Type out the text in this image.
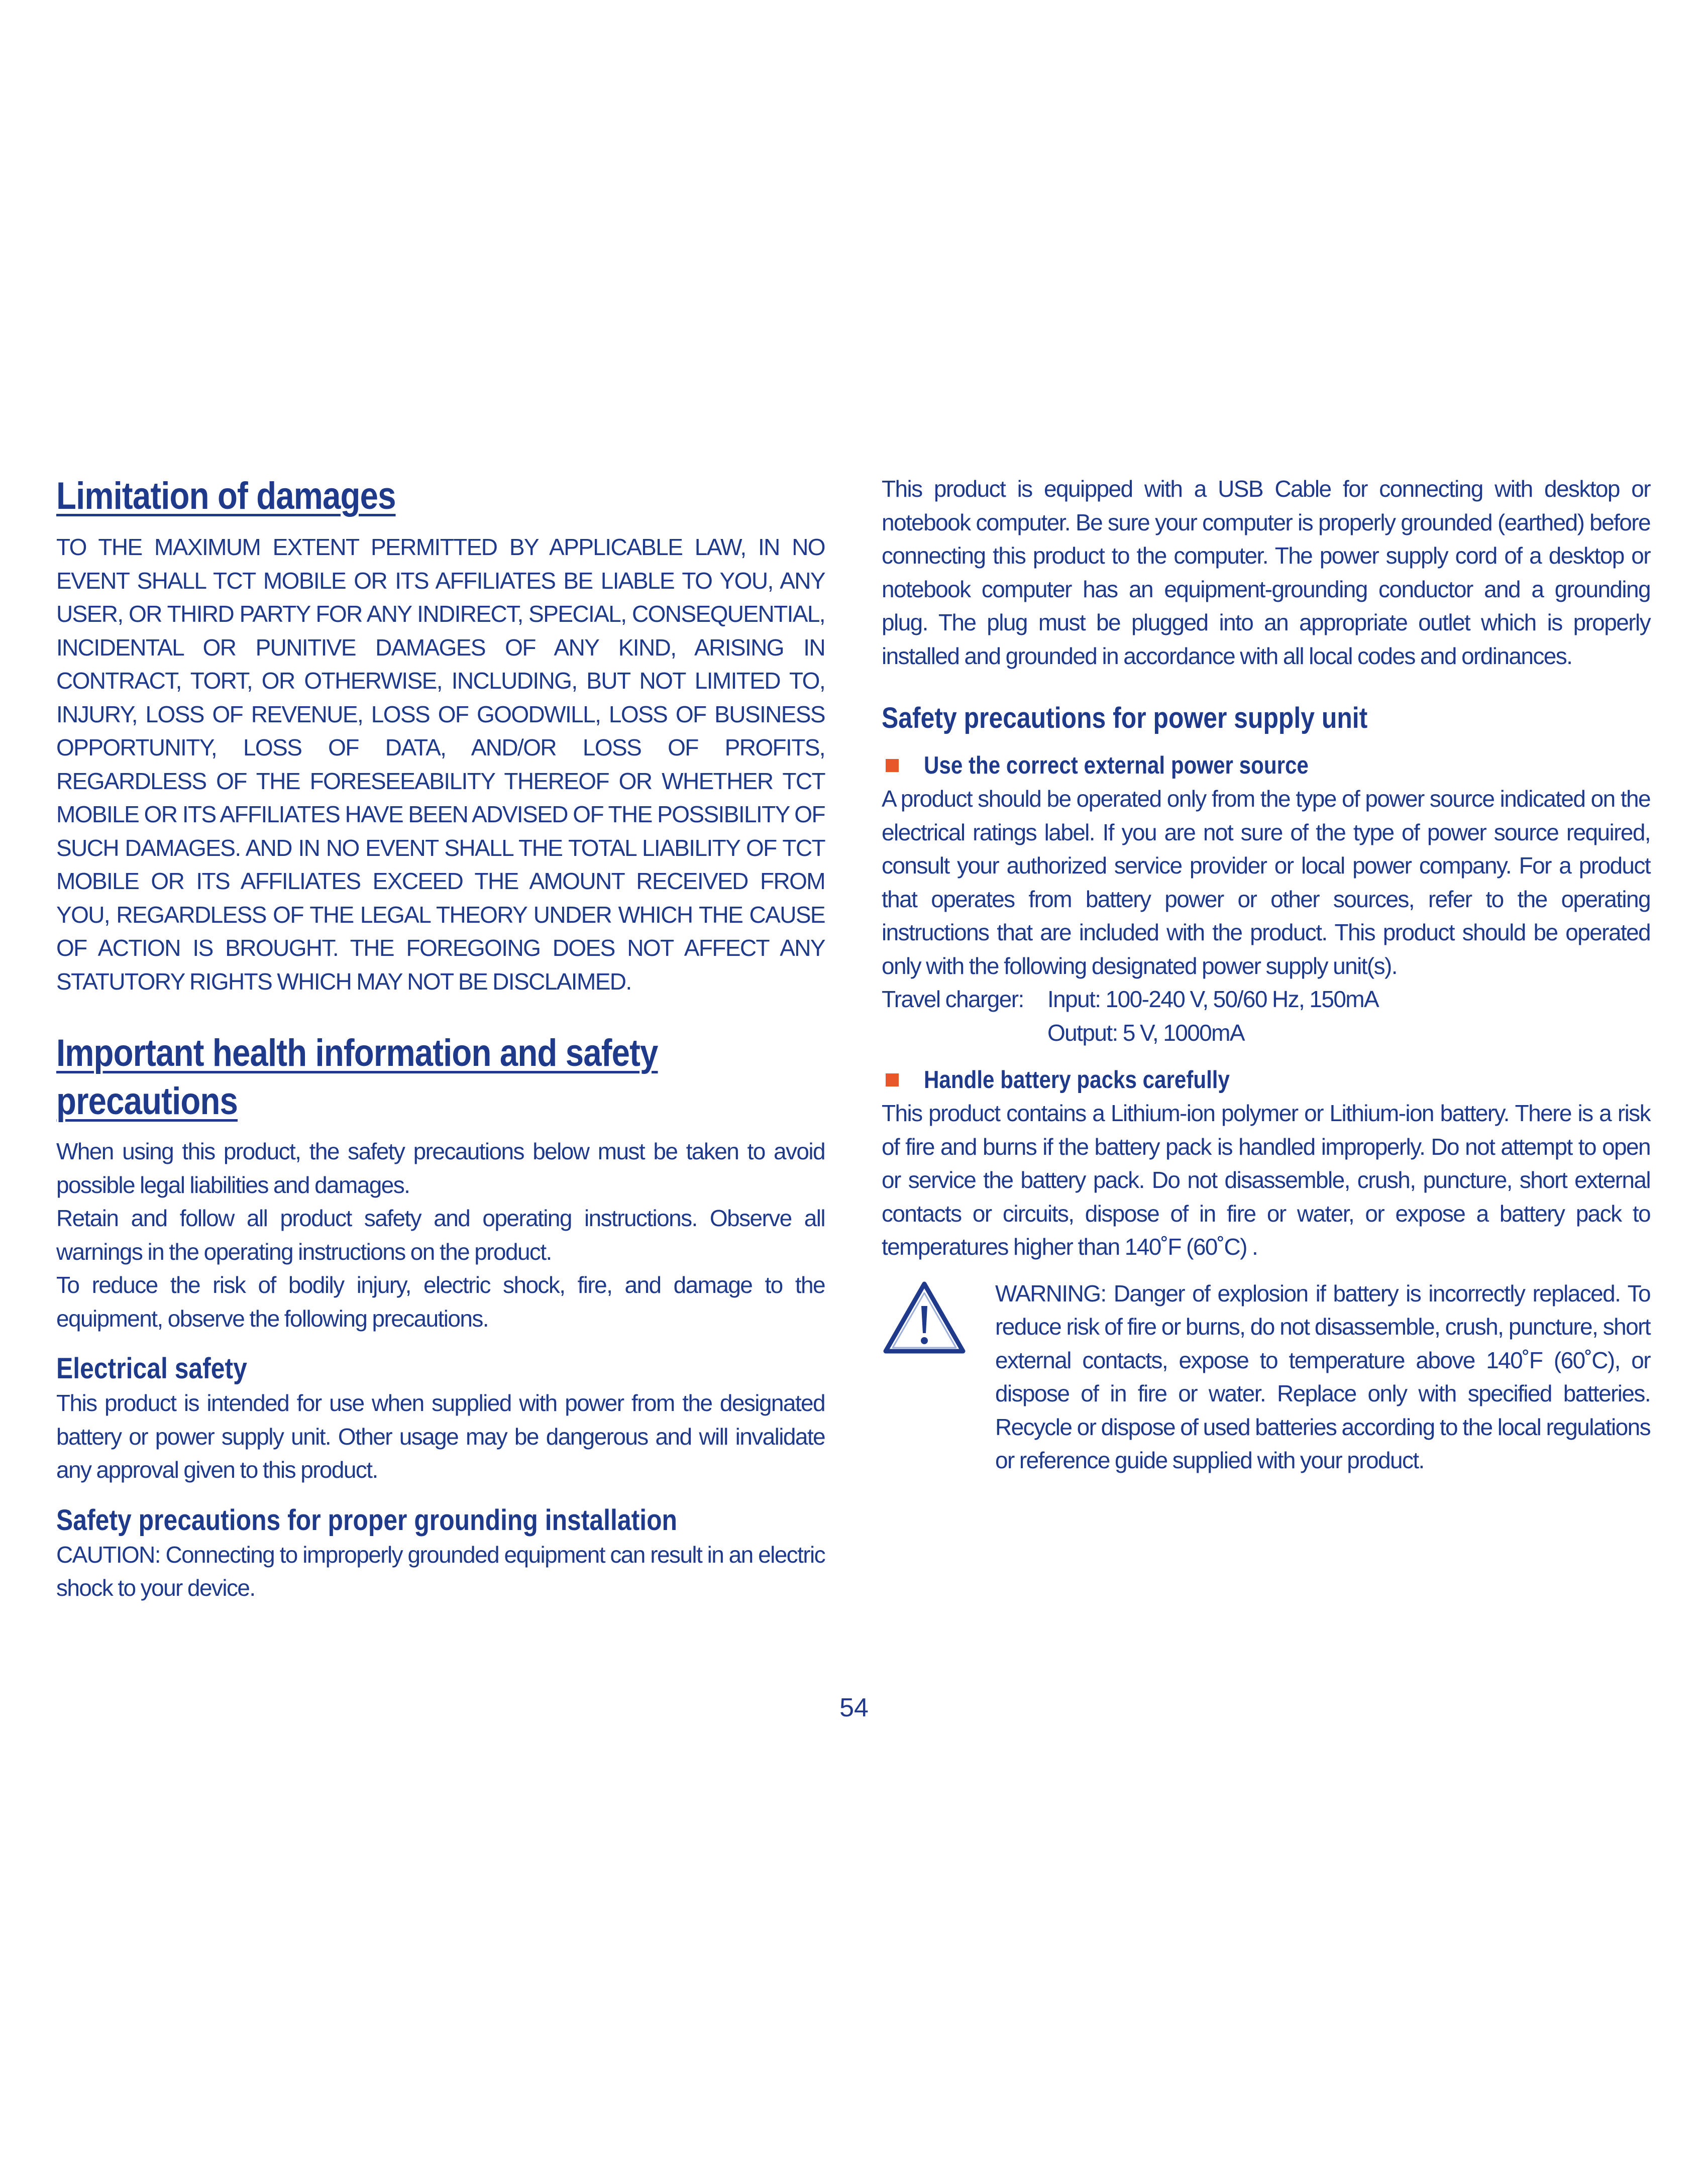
Limitation of damages

TO THE MAXIMUM EXTENT PERMITTED BY APPLICABLE LAW, IN NO EVENT SHALL TCT MOBILE OR ITS AFFILIATES BE LIABLE TO YOU, ANY USER, OR THIRD PARTY FOR ANY INDIRECT, SPECIAL, CONSEQUENTIAL, INCIDENTAL OR PUNITIVE DAMAGES OF ANY KIND, ARISING IN CONTRACT, TORT, OR OTHERWISE, INCLUDING, BUT NOT LIMITED TO, INJURY, LOSS OF REVENUE, LOSS OF GOODWILL, LOSS OF BUSINESS OPPORTUNITY, LOSS OF DATA, AND/OR LOSS OF PROFITS, REGARDLESS OF THE FORESEEABILITY THEREOF OR WHETHER TCT MOBILE OR ITS AFFILIATES HAVE BEEN ADVISED OF THE POSSIBILITY OF SUCH DAMAGES. AND IN NO EVENT SHALL THE TOTAL LIABILITY OF TCT MOBILE OR ITS AFFILIATES EXCEED THE AMOUNT RECEIVED FROM YOU, REGARDLESS OF THE LEGAL THEORY UNDER WHICH THE CAUSE OF ACTION IS BROUGHT. THE FOREGOING DOES NOT AFFECT ANY STATUTORY RIGHTS WHICH MAY NOT BE DISCLAIMED.

Important health information and safety
precautions

When using this product, the safety precautions below must be taken to avoid possible legal liabilities and damages.

Retain and follow all product safety and operating instructions. Observe all warnings in the operating instructions on the product.

To reduce the risk of bodily injury, electric shock, fire, and damage to the equipment, observe the following precautions.

Electrical safety

This product is intended for use when supplied with power from the designated battery or power supply unit. Other usage may be dangerous and will invalidate any approval given to this product.

Safety precautions for proper grounding installation

CAUTION: Connecting to improperly grounded equipment can result in an electric shock to your device.

This product is equipped with a USB Cable for connecting with desktop or notebook computer. Be sure your computer is properly grounded (earthed) before connecting this product to the computer. The power supply cord of a desktop or notebook computer has an equipment-grounding conductor and a grounding plug. The plug must be plugged into an appropriate outlet which is properly installed and grounded in accordance with all local codes and ordinances.

Safety precautions for power supply unit
Use the correct external power source

A product should be operated only from the type of power source indicated on the electrical ratings label. If you are not sure of the type of power source required, consult your authorized service provider or local power company. For a product that operates from battery power or other sources, refer to the operating instructions that are included with the product. This product should be operated only with the following designated power supply unit(s).

Travel charger:	Input: 100-240 V, 50/60 Hz, 150mA
Output: 5 V, 1000mA
Handle battery packs carefully

This product contains a Lithium-ion polymer or Lithium-ion battery. There is a risk of fire and burns if the battery pack is handled improperly. Do not attempt to open or service the battery pack. Do not disassemble, crush, puncture, short external contacts or circuits, dispose of in fire or water, or expose a battery pack to temperatures higher than 140˚F (60˚C) .

WARNING: Danger of explosion if battery is incorrectly replaced. To reduce risk of fire or burns, do not disassemble, crush, puncture, short external contacts, expose to temperature above 140˚F (60˚C), or dispose of in fire or water. Replace only with specified batteries. Recycle or dispose of used batteries according to the local regulations or reference guide supplied with your product.

54
